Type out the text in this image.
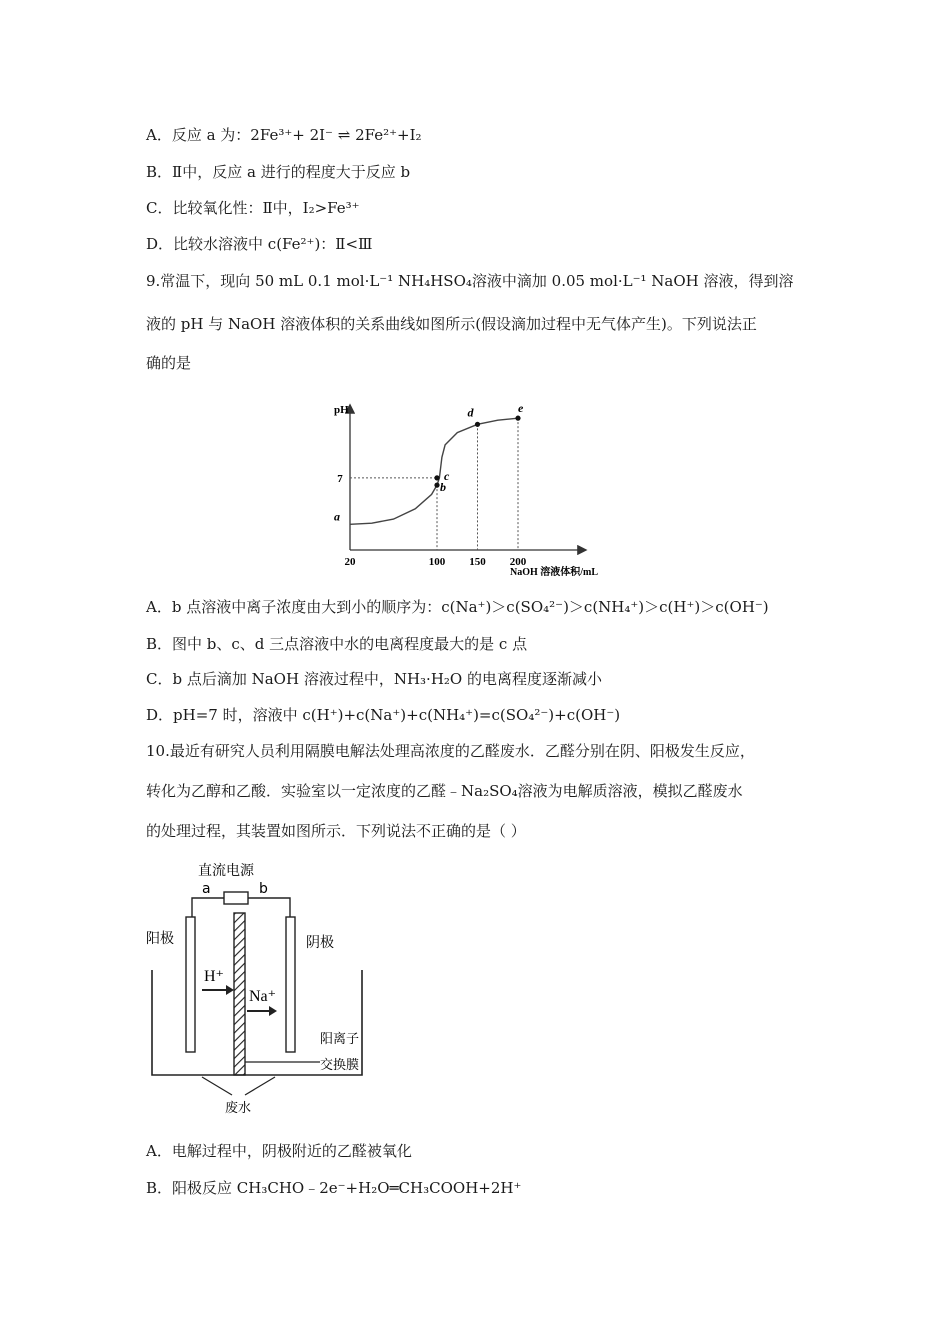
A．反应 a 为：2Fe³⁺+ 2I⁻ ⇌ 2Fe²⁺+I₂
B．Ⅱ中，反应 a 进行的程度大于反应 b
C．比较氧化性：Ⅱ中，I₂>Fe³⁺
D．比较水溶液中 c(Fe²⁺)：Ⅱ<Ⅲ
9.常温下，现向 50 mL 0.1 mol·L⁻¹ NH₄HSO₄溶液中滴加 0.05 mol·L⁻¹ NaOH 溶液，得到溶
液的 pH 与 NaOH 溶液体积的关系曲线如图所示(假设滴加过程中无气体产生)。下列说法正
确的是
pH
NaOH 溶液体积/mL
20	100 150 200
7
a
b
c
d	e
A．b 点溶液中离子浓度由大到小的顺序为：c(Na⁺)＞c(SO₄²⁻)＞c(NH₄⁺)＞c(H⁺)＞c(OH⁻)
B．图中 b、c、d 三点溶液中水的电离程度最大的是 c 点
C．b 点后滴加 NaOH 溶液过程中，NH₃·H₂O 的电离程度逐渐减小
D．pH=7 时，溶液中 c(H⁺)+c(Na⁺)+c(NH₄⁺)=c(SO₄²⁻)+c(OH⁻)
10.最近有研究人员利用隔膜电解法处理高浓度的乙醛废水．乙醛分别在阴、阳极发生反应，
转化为乙醇和乙酸．实验室以一定浓度的乙醛﹣Na₂SO₄溶液为电解质溶液，模拟乙醛废水
的处理过程，其装置如图所示．下列说法不正确的是（ ）
直流电源
a	b
阳极	阴极
H⁺
Na⁺
阳离子
交换膜
废水
A．电解过程中，阴极附近的乙醛被氧化
B．阳极反应 CH₃CHO﹣2e⁻+H₂O═CH₃COOH+2H⁺
